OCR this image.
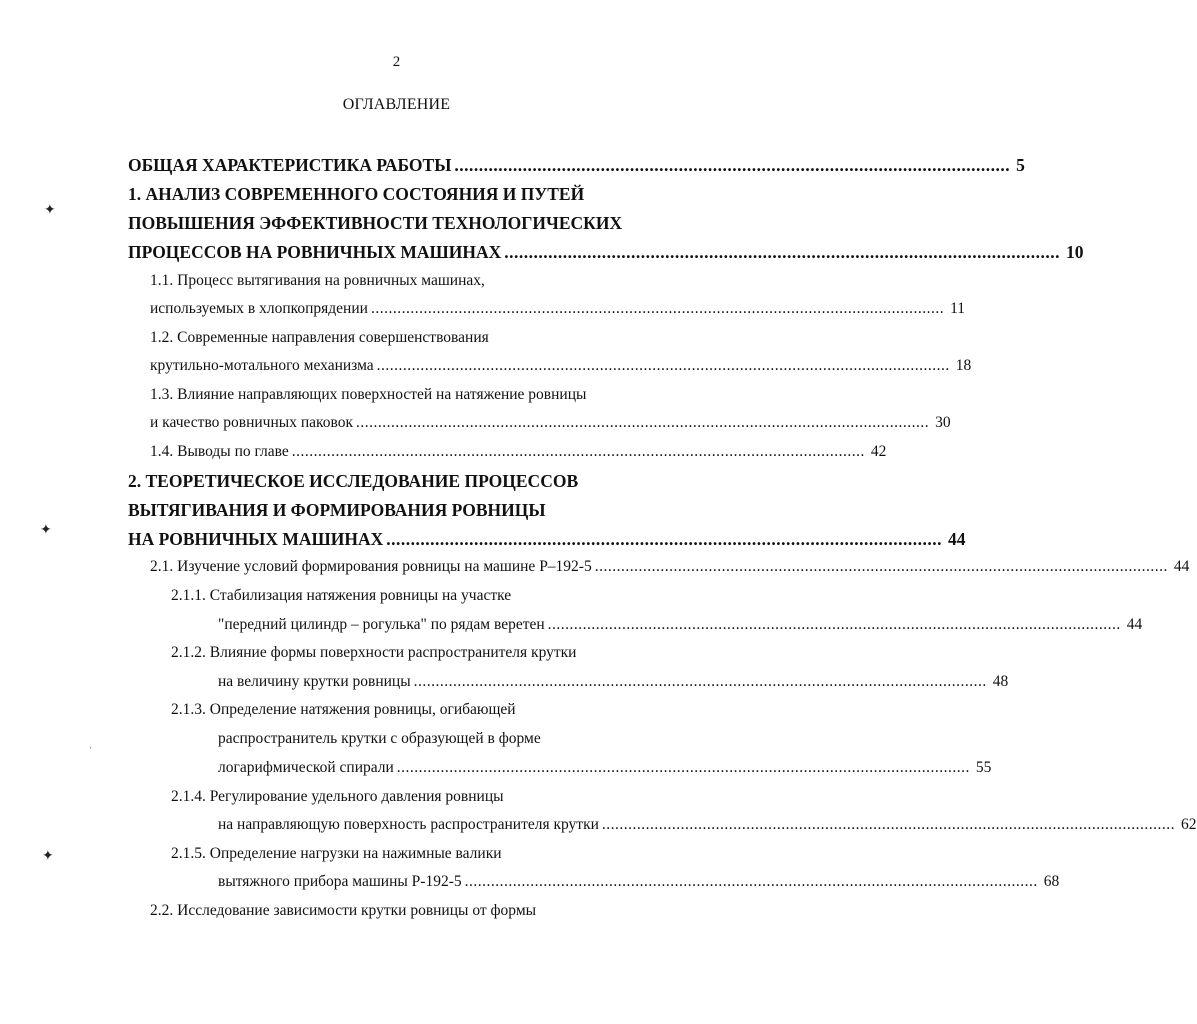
2
ОГЛАВЛЕНИЕ
✦
✦
ˌ
✦
ОБЩАЯ ХАРАКТЕРИСТИКА РАБОТЫ .................................................................................................................. 5
1. АНАЛИЗ СОВРЕМЕННОГО СОСТОЯНИЯ И ПУТЕЙ
ПОВЫШЕНИЯ ЭФФЕКТИВНОСТИ ТЕХНОЛОГИЧЕСКИХ
ПРОЦЕССОВ НА РОВНИЧНЫХ МАШИНАХ .................................................................................................................. 10
1.1. Процесс вытягивания на ровничных машинах,
используемых в хлопкопрядении ................................................................................................................................... 11
1.2. Современные направления совершенствования
крутильно-мотального механизма ................................................................................................................................... 18
1.3. Влияние направляющих поверхностей на натяжение ровницы
и качество ровничных паковок ................................................................................................................................... 30
1.4. Выводы по главе ................................................................................................................................... 42
2. ТЕОРЕТИЧЕСКОЕ ИССЛЕДОВАНИЕ ПРОЦЕССОВ
ВЫТЯГИВАНИЯ И ФОРМИРОВАНИЯ РОВНИЦЫ
НА РОВНИЧНЫХ МАШИНАХ .................................................................................................................. 44
2.1. Изучение условий формирования ровницы на машине Р–192-5 ................................................................................................................................... 44
2.1.1. Стабилизация натяжения ровницы на участке
"передний цилиндр – рогулька" по рядам веретен ................................................................................................................................... 44
2.1.2. Влияние формы поверхности распространителя крутки
на величину крутки ровницы ................................................................................................................................... 48
2.1.3. Определение натяжения ровницы, огибающей
распространитель крутки с образующей в форме
логарифмической спирали ................................................................................................................................... 55
2.1.4. Регулирование удельного давления ровницы
на направляющую поверхность распространителя крутки ................................................................................................................................... 62
2.1.5. Определение нагрузки на нажимные валики
вытяжного прибора машины Р-192-5 ................................................................................................................................... 68
2.2. Исследование зависимости крутки ровницы от формы
